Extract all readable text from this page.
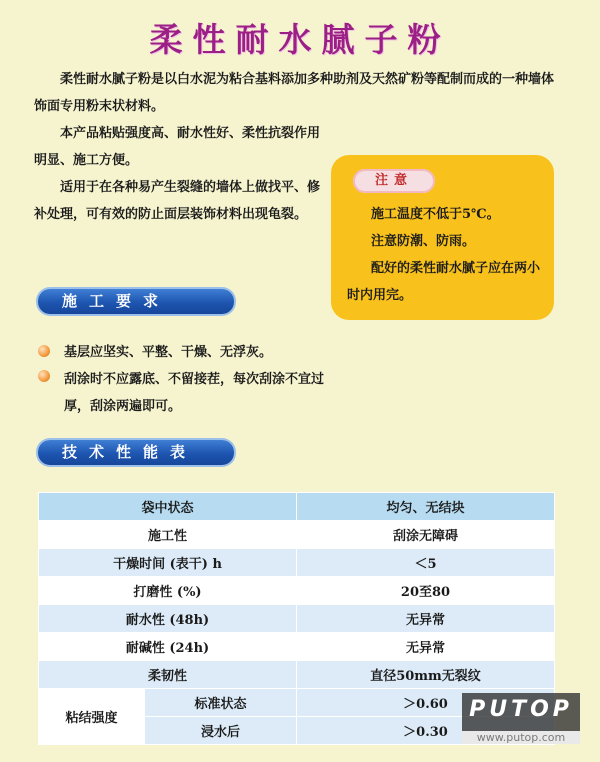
柔性耐水腻子粉

柔性耐水腻子粉是以白水泥为粘合基料添加多种助剂及天然矿粉等配制而成的一种墙体饰面专用粉末状材料。

本产品粘贴强度高、耐水性好、柔性抗裂作用明显、施工方便。

适用于在各种易产生裂缝的墙体上做找平、修补处理，可有效的防止面层装饰材料出现龟裂。

注意

施工温度不低于5℃。

注意防潮、防雨。

配好的柔性耐水腻子应在两小时内用完。

施工要求

基层应坚实、平整、干燥、无浮灰。

刮涂时不应露底、不留接茬，每次刮涂不宜过厚，刮涂两遍即可。

技术性能表
袋中状态		均匀、无结块
施工性		刮涂无障碍
干燥时间 (表干) h		＜5
打磨性 (%)		20至80
耐水性 (48h)		无异常
耐碱性 (24h)		无异常
柔韧性		直径50mm无裂纹
粘结强度	标准状态	＞0.60
	浸水后	＞0.30
PUTOP
www.putop.com
